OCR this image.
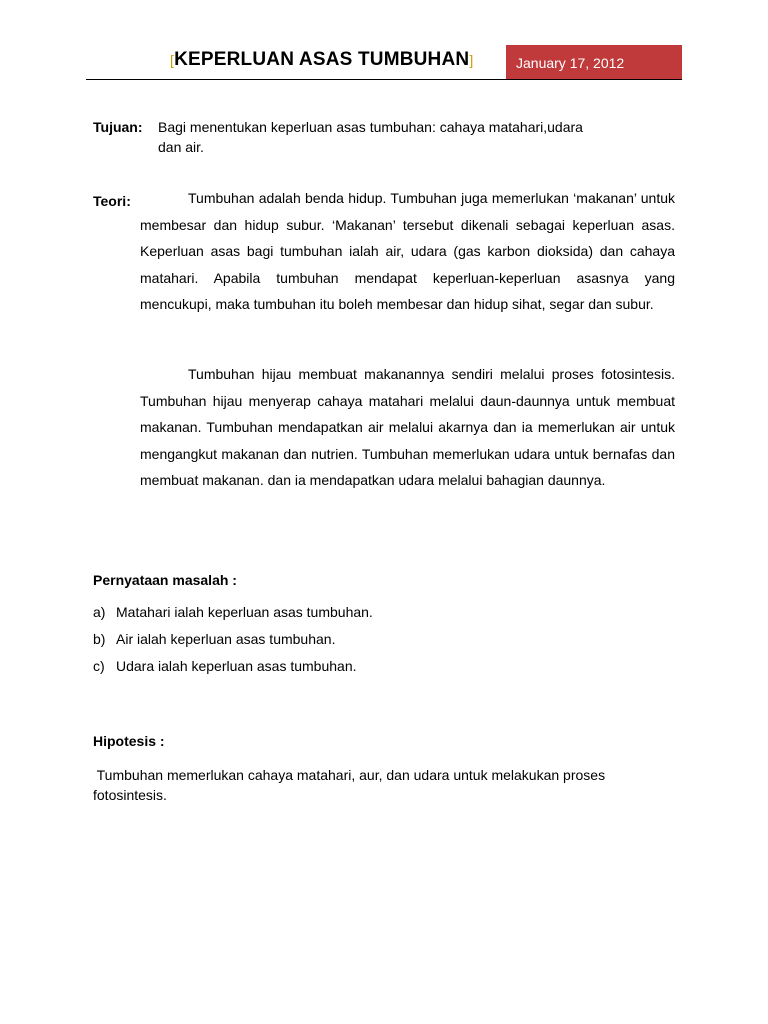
[KEPERLUAN ASAS TUMBUHAN]	January 17, 2012
Tujuan: Bagi menentukan keperluan asas tumbuhan: cahaya matahari,udara
dan air.
Teori:	Tumbuhan adalah benda hidup. Tumbuhan juga memerlukan ‘makanan’ untuk membesar dan hidup subur. ‘Makanan’ tersebut dikenali sebagai keperluan asas. Keperluan asas bagi tumbuhan ialah air, udara (gas karbon dioksida) dan cahaya matahari. Apabila tumbuhan mendapat keperluan-keperluan asasnya yang mencukupi, maka tumbuhan itu boleh membesar dan hidup sihat, segar dan subur.
Tumbuhan hijau membuat makanannya sendiri melalui proses fotosintesis. Tumbuhan hijau menyerap cahaya matahari melalui daun-daunnya untuk membuat makanan. Tumbuhan mendapatkan air melalui akarnya dan ia memerlukan air untuk mengangkut makanan dan nutrien. Tumbuhan memerlukan udara untuk bernafas dan membuat makanan. dan ia mendapatkan udara melalui bahagian daunnya.
Pernyataan masalah :
a) Matahari ialah keperluan asas tumbuhan.
b) Air ialah keperluan asas tumbuhan.
c) Udara ialah keperluan asas tumbuhan.
Hipotesis :
Tumbuhan memerlukan cahaya matahari, aur, dan udara untuk melakukan proses
fotosintesis.
